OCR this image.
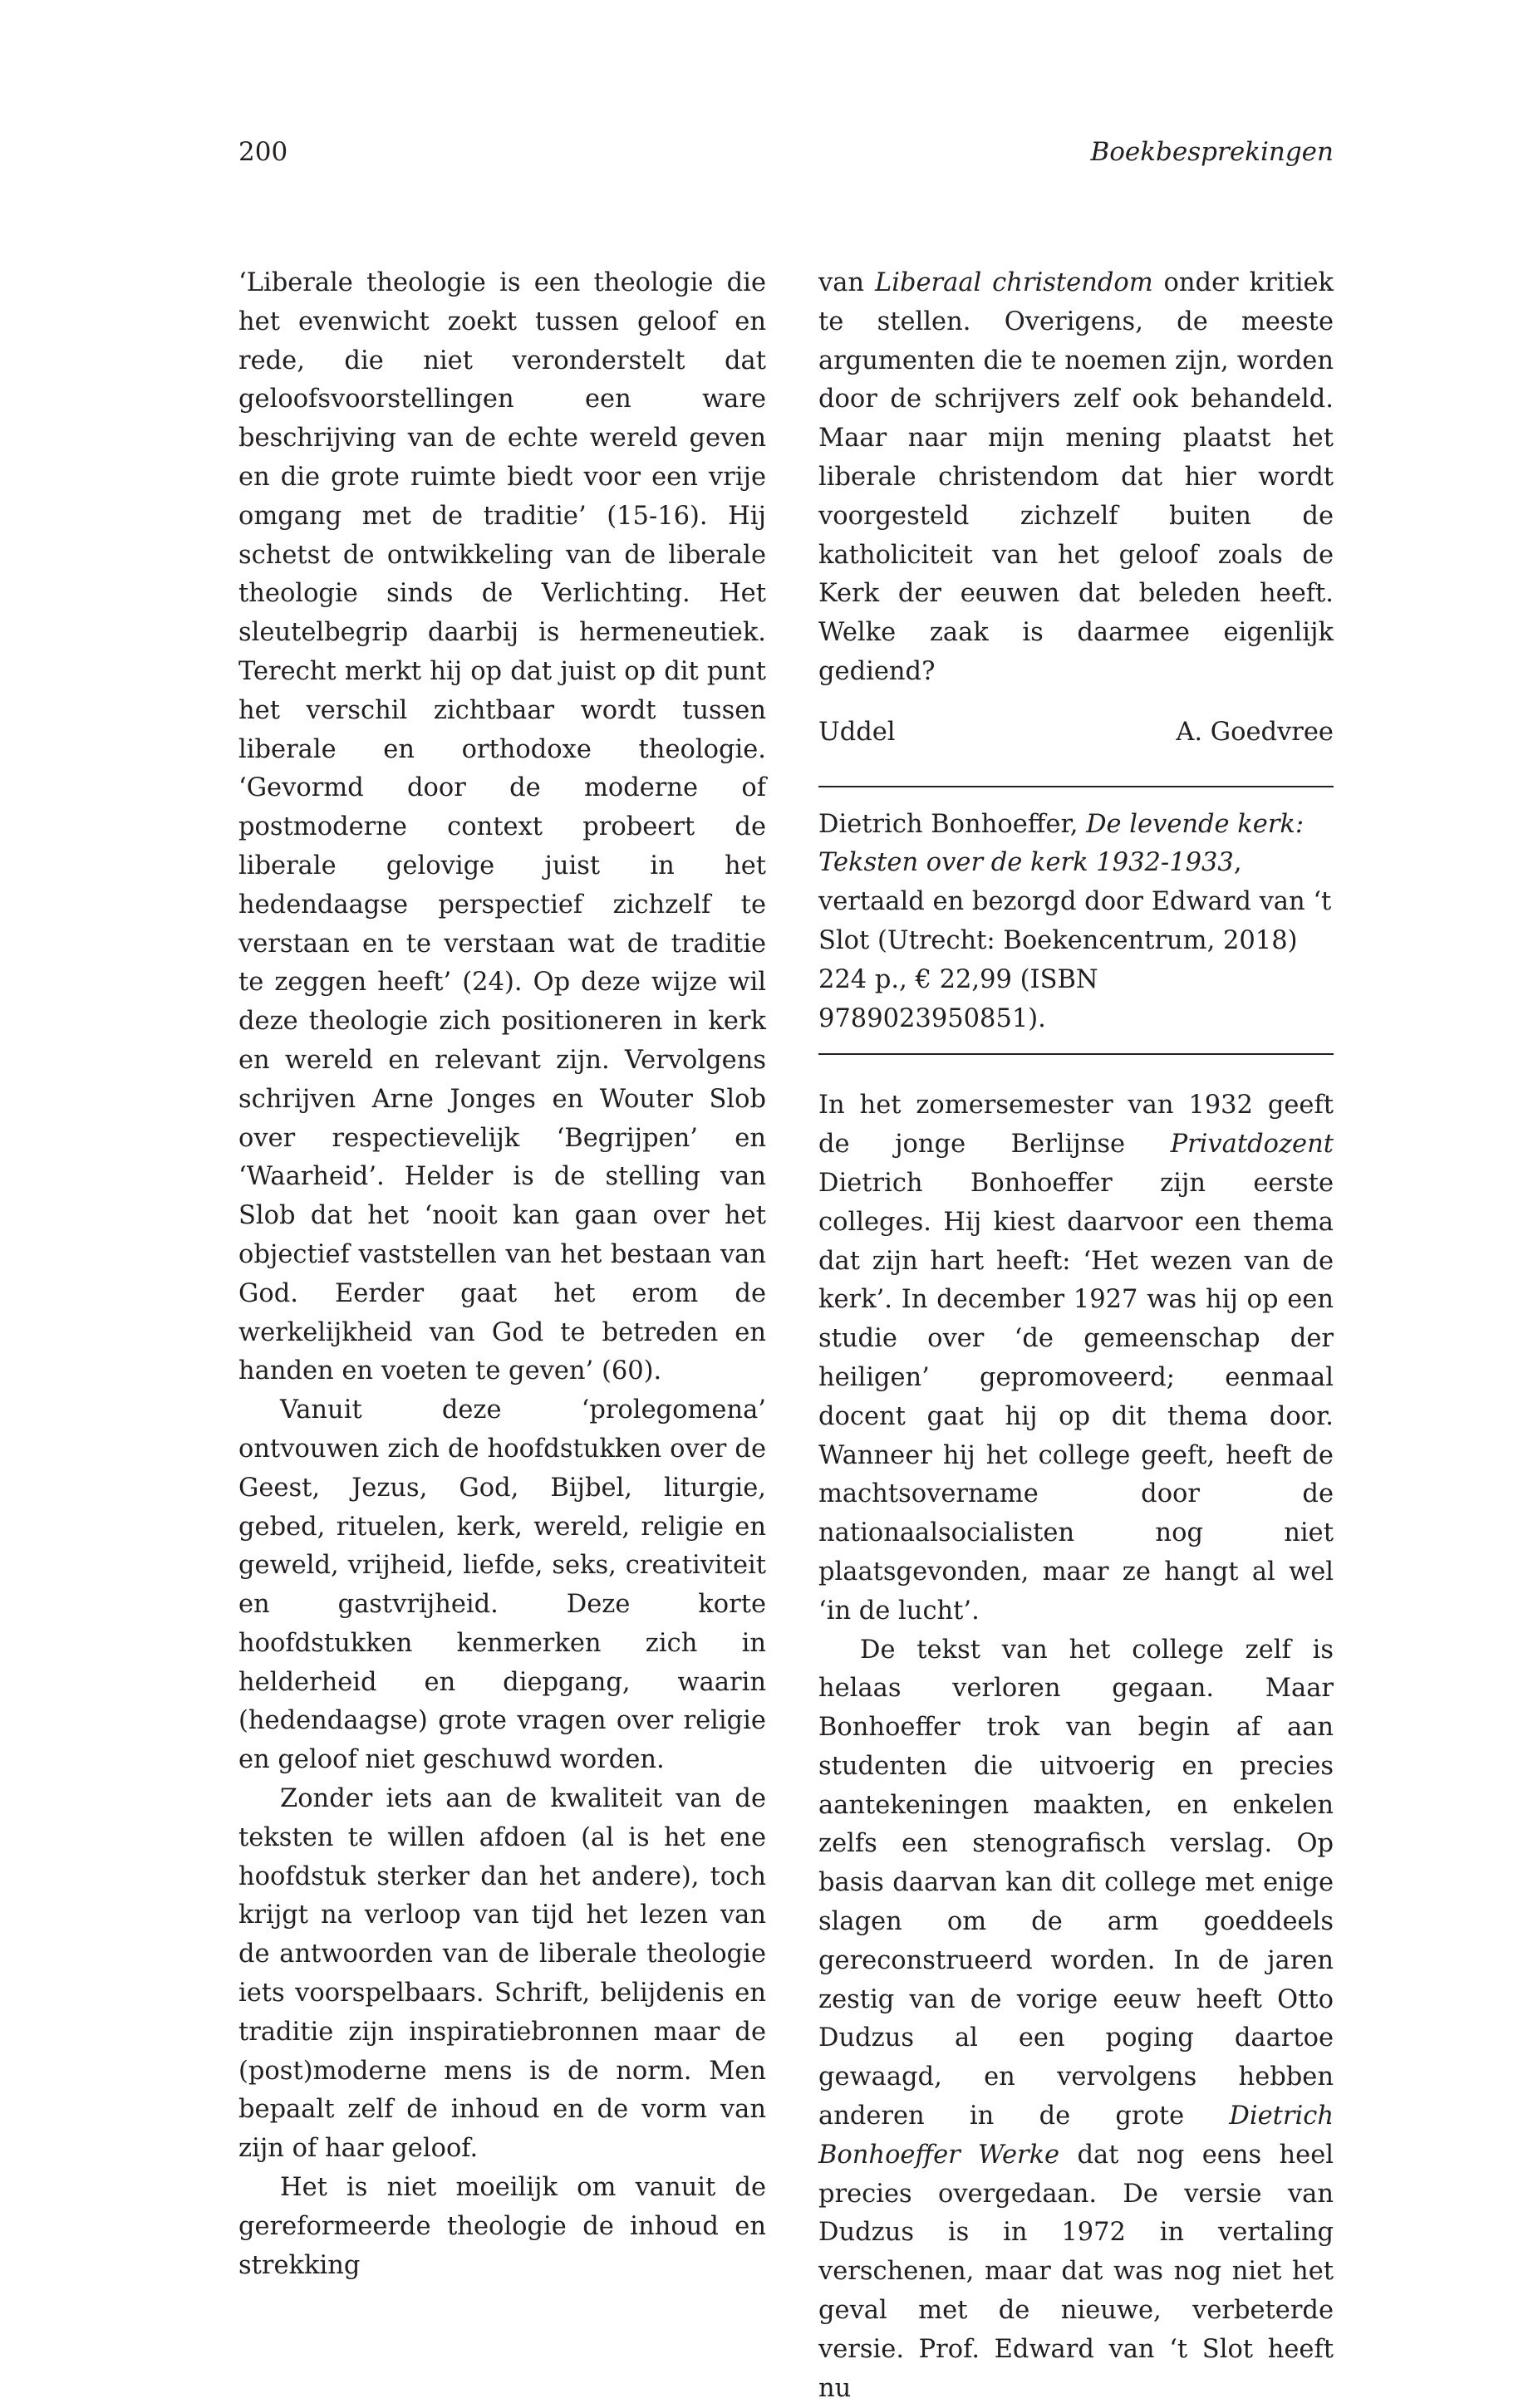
200	Boekbesprekingen

‘Liberale theologie is een theologie die het evenwicht zoekt tussen geloof en rede, die niet veronderstelt dat geloofsvoorstellingen een ware beschrijving van de echte wereld geven en die grote ruimte biedt voor een vrije omgang met de traditie’ (15-16). Hij schetst de ontwikkeling van de liberale theologie sinds de Verlichting. Het sleutelbegrip daarbij is hermeneutiek. Terecht merkt hij op dat juist op dit punt het verschil zichtbaar wordt tussen liberale en orthodoxe theologie. ‘Gevormd door de moderne of postmoderne context probeert de liberale gelovige juist in het hedendaagse perspectief zichzelf te verstaan en te verstaan wat de traditie te zeggen heeft’ (24). Op deze wijze wil deze theologie zich positioneren in kerk en wereld en relevant zijn. Vervolgens schrijven Arne Jonges en Wouter Slob over respectievelijk ‘Begrijpen’ en ‘Waarheid’. Helder is de stelling van Slob dat het ‘nooit kan gaan over het objectief vaststellen van het bestaan van God. Eerder gaat het erom de werkelijkheid van God te betreden en handen en voeten te geven’ (60).

Vanuit deze ‘prolegomena’ ontvouwen zich de hoofdstukken over de Geest, Jezus, God, Bijbel, liturgie, gebed, rituelen, kerk, wereld, religie en geweld, vrijheid, liefde, seks, creativiteit en gastvrijheid. Deze korte hoofdstukken kenmerken zich in helderheid en diepgang, waarin (hedendaagse) grote vragen over religie en geloof niet geschuwd worden.

Zonder iets aan de kwaliteit van de teksten te willen afdoen (al is het ene hoofdstuk sterker dan het andere), toch krijgt na verloop van tijd het lezen van de antwoorden van de liberale theologie iets voorspelbaars. Schrift, belijdenis en traditie zijn inspiratiebronnen maar de (post)moderne mens is de norm. Men bepaalt zelf de inhoud en de vorm van zijn of haar geloof.

Het is niet moeilijk om vanuit de gereformeerde theologie de inhoud en strekking

van Liberaal christendom onder kritiek te stellen. Overigens, de meeste argumenten die te noemen zijn, worden door de schrijvers zelf ook behandeld. Maar naar mijn mening plaatst het liberale christendom dat hier wordt voorgesteld zichzelf buiten de katholiciteit van het geloof zoals de Kerk der eeuwen dat beleden heeft. Welke zaak is daarmee eigenlijk gediend?

Uddel	A. Goedvree

Dietrich Bonhoeffer, De levende kerk: Teksten over de kerk 1932-1933, vertaald en bezorgd door Edward van ‘t Slot (Utrecht: Boekencentrum, 2018) 224 p., € 22,99 (ISBN 9789023950851).

In het zomersemester van 1932 geeft de jonge Berlijnse Privatdozent Dietrich Bonhoeffer zijn eerste colleges. Hij kiest daarvoor een thema dat zijn hart heeft: ‘Het wezen van de kerk’. In december 1927 was hij op een studie over ‘de gemeenschap der heiligen’ gepromoveerd; eenmaal docent gaat hij op dit thema door. Wanneer hij het college geeft, heeft de machtsovername door de nationaalsocialisten nog niet plaatsgevonden, maar ze hangt al wel ‘in de lucht’.

De tekst van het college zelf is helaas verloren gegaan. Maar Bonhoeffer trok van begin af aan studenten die uitvoerig en precies aantekeningen maakten, en enkelen zelfs een stenografisch verslag. Op basis daarvan kan dit college met enige slagen om de arm goeddeels gereconstrueerd worden. In de jaren zestig van de vorige eeuw heeft Otto Dudzus al een poging daartoe gewaagd, en vervolgens hebben anderen in de grote Dietrich Bonhoeffer Werke dat nog eens heel precies overgedaan. De versie van Dudzus is in 1972 in vertaling verschenen, maar dat was nog niet het geval met de nieuwe, verbeterde versie. Prof. Edward van ‘t Slot heeft nu
